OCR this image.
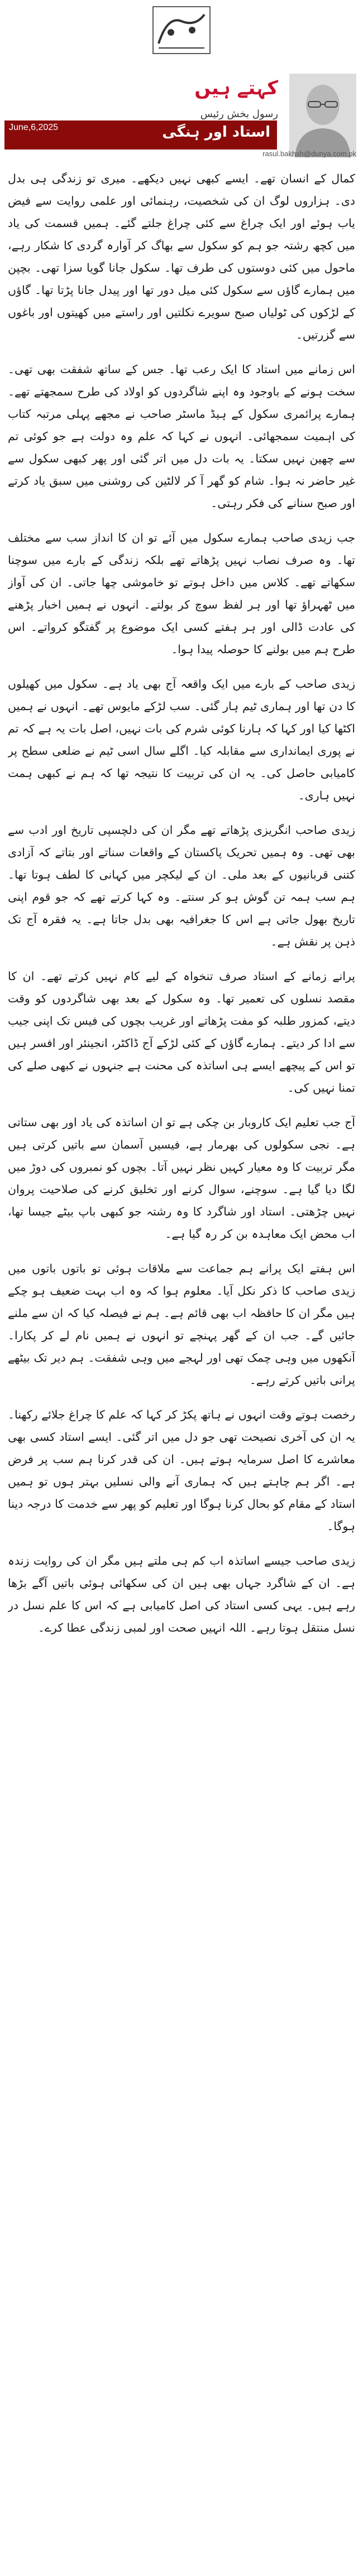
کہتے ہیں
رسول بخش رئیس
June,6,2025	استاد اور ہنگی
rasul.bakhsh@dunya.com.pk

کمال کے انسان تھے۔ ایسے کبھی نہیں دیکھے۔ میری تو زندگی ہی بدل دی۔ ہزاروں لوگ ان کی شخصیت، رہنمائی اور علمی روایت سے فیض یاب ہوئے اور ایک چراغ سے کئی چراغ جلتے گئے۔ ہمیں قسمت کی یاد میں کچھ رشتہ جو ہم کو سکول سے بھاگ کر آوارہ گردی کا شکار رہے، ماحول میں کئی دوستوں کی طرف تھا۔ سکول جانا گویا سزا تھی۔ بچپن میں ہمارے گاؤں سے سکول کئی میل دور تھا اور پیدل جانا پڑتا تھا۔ گاؤں کے لڑکوں کی ٹولیاں صبح سویرے نکلتیں اور راستے میں کھیتوں اور باغوں سے گزرتیں۔

اس زمانے میں استاد کا ایک رعب تھا۔ جس کے ساتھ شفقت بھی تھی۔ سخت ہونے کے باوجود وہ اپنے شاگردوں کو اولاد کی طرح سمجھتے تھے۔ ہمارے پرائمری سکول کے ہیڈ ماسٹر صاحب نے مجھے پہلی مرتبہ کتاب کی اہمیت سمجھائی۔ انہوں نے کہا کہ علم وہ دولت ہے جو کوئی تم سے چھین نہیں سکتا۔ یہ بات دل میں اتر گئی اور پھر کبھی سکول سے غیر حاضر نہ ہوا۔ شام کو گھر آ کر لالٹین کی روشنی میں سبق یاد کرتے اور صبح سنانے کی فکر رہتی۔

جب زیدی صاحب ہمارے سکول میں آئے تو ان کا انداز سب سے مختلف تھا۔ وہ صرف نصاب نہیں پڑھاتے تھے بلکہ زندگی کے بارے میں سوچنا سکھاتے تھے۔ کلاس میں داخل ہوتے تو خاموشی چھا جاتی۔ ان کی آواز میں ٹھہراؤ تھا اور ہر لفظ سوچ کر بولتے۔ انہوں نے ہمیں اخبار پڑھنے کی عادت ڈالی اور ہر ہفتے کسی ایک موضوع پر گفتگو کرواتے۔ اس طرح ہم میں بولنے کا حوصلہ پیدا ہوا۔

زیدی صاحب کے بارے میں ایک واقعہ آج بھی یاد ہے۔ سکول میں کھیلوں کا دن تھا اور ہماری ٹیم ہار گئی۔ سب لڑکے مایوس تھے۔ انہوں نے ہمیں اکٹھا کیا اور کہا کہ ہارنا کوئی شرم کی بات نہیں، اصل بات یہ ہے کہ تم نے پوری ایمانداری سے مقابلہ کیا۔ اگلے سال اسی ٹیم نے ضلعی سطح پر کامیابی حاصل کی۔ یہ ان کی تربیت کا نتیجہ تھا کہ ہم نے کبھی ہمت نہیں ہاری۔

زیدی صاحب انگریزی پڑھاتے تھے مگر ان کی دلچسپی تاریخ اور ادب سے بھی تھی۔ وہ ہمیں تحریک پاکستان کے واقعات سناتے اور بتاتے کہ آزادی کتنی قربانیوں کے بعد ملی۔ ان کے لیکچر میں کہانی کا لطف ہوتا تھا۔ ہم سب ہمہ تن گوش ہو کر سنتے۔ وہ کہا کرتے تھے کہ جو قوم اپنی تاریخ بھول جاتی ہے اس کا جغرافیہ بھی بدل جاتا ہے۔ یہ فقرہ آج تک ذہن پر نقش ہے۔

پرانے زمانے کے استاد صرف تنخواہ کے لیے کام نہیں کرتے تھے۔ ان کا مقصد نسلوں کی تعمیر تھا۔ وہ سکول کے بعد بھی شاگردوں کو وقت دیتے، کمزور طلبہ کو مفت پڑھاتے اور غریب بچوں کی فیس تک اپنی جیب سے ادا کر دیتے۔ ہمارے گاؤں کے کئی لڑکے آج ڈاکٹر، انجینئر اور افسر ہیں تو اس کے پیچھے ایسے ہی اساتذہ کی محنت ہے جنہوں نے کبھی صلے کی تمنا نہیں کی۔

آج جب تعلیم ایک کاروبار بن چکی ہے تو ان اساتذہ کی یاد اور بھی ستاتی ہے۔ نجی سکولوں کی بھرمار ہے، فیسیں آسمان سے باتیں کرتی ہیں مگر تربیت کا وہ معیار کہیں نظر نہیں آتا۔ بچوں کو نمبروں کی دوڑ میں لگا دیا گیا ہے۔ سوچنے، سوال کرنے اور تخلیق کرنے کی صلاحیت پروان نہیں چڑھتی۔ استاد اور شاگرد کا وہ رشتہ جو کبھی باپ بیٹے جیسا تھا، اب محض ایک معاہدہ بن کر رہ گیا ہے۔

اس ہفتے ایک پرانے ہم جماعت سے ملاقات ہوئی تو باتوں باتوں میں زیدی صاحب کا ذکر نکل آیا۔ معلوم ہوا کہ وہ اب بہت ضعیف ہو چکے ہیں مگر ان کا حافظہ اب بھی قائم ہے۔ ہم نے فیصلہ کیا کہ ان سے ملنے جائیں گے۔ جب ان کے گھر پہنچے تو انہوں نے ہمیں نام لے کر پکارا۔ آنکھوں میں وہی چمک تھی اور لہجے میں وہی شفقت۔ ہم دیر تک بیٹھے پرانی باتیں کرتے رہے۔

رخصت ہوتے وقت انہوں نے ہاتھ پکڑ کر کہا کہ علم کا چراغ جلائے رکھنا۔ یہ ان کی آخری نصیحت تھی جو دل میں اتر گئی۔ ایسے استاد کسی بھی معاشرے کا اصل سرمایہ ہوتے ہیں۔ ان کی قدر کرنا ہم سب پر فرض ہے۔ اگر ہم چاہتے ہیں کہ ہماری آنے والی نسلیں بہتر ہوں تو ہمیں استاد کے مقام کو بحال کرنا ہوگا اور تعلیم کو پھر سے خدمت کا درجہ دینا ہوگا۔

زیدی صاحب جیسے اساتذہ اب کم ہی ملتے ہیں مگر ان کی روایت زندہ ہے۔ ان کے شاگرد جہاں بھی ہیں ان کی سکھائی ہوئی باتیں آگے بڑھا رہے ہیں۔ یہی کسی استاد کی اصل کامیابی ہے کہ اس کا علم نسل در نسل منتقل ہوتا رہے۔ اللہ انہیں صحت اور لمبی زندگی عطا کرے۔
